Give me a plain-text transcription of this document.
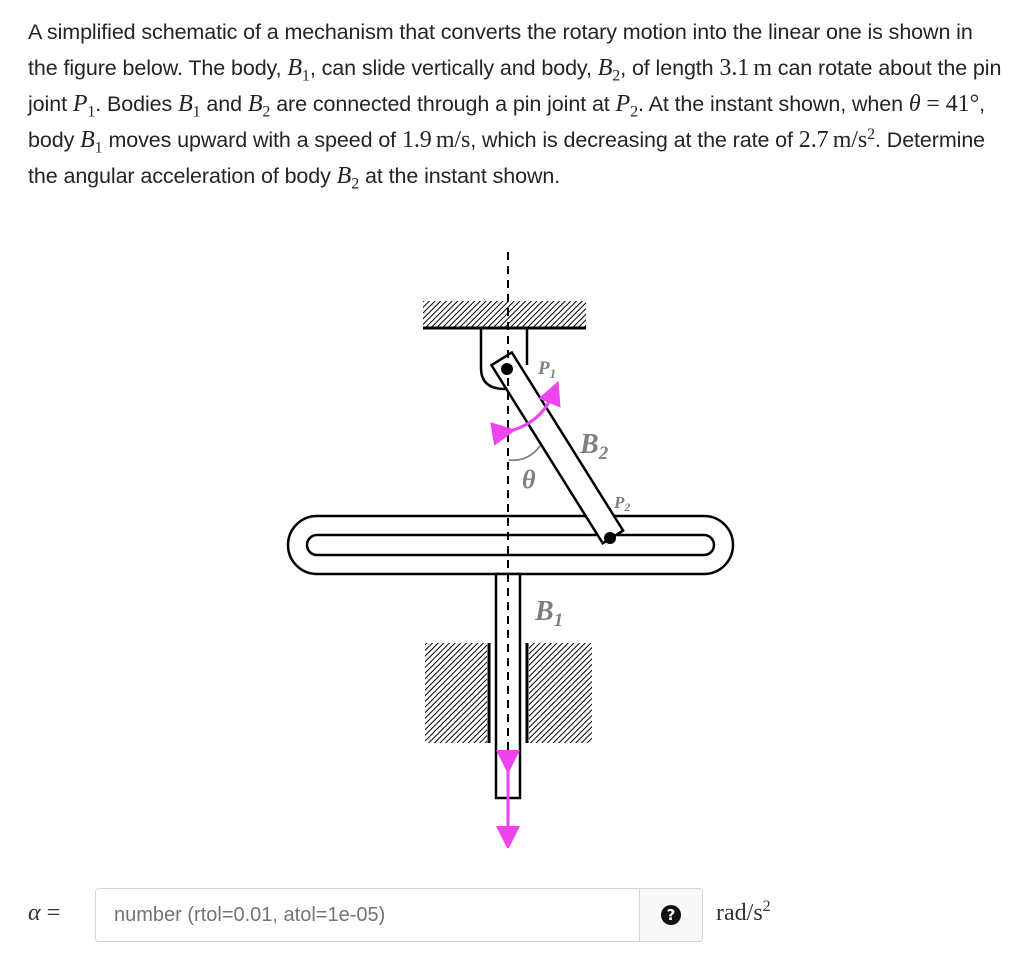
A simplified schematic of a mechanism that converts the rotary motion into the linear one is shown in the figure below. The body, $B_1$, can slide vertically and body, $B_2$, of length 3.1  m can rotate about the pin joint $P_1$. Bodies $B_1$ and $B_2$ are connected through a pin joint at $P_2$. At the instant shown, when θ = 41°, body $B_1$ moves upward with a speed of 1.9  m/s, which is decreasing at the rate of 2.7  $m/s^2$. Determine the angular acceleration of body $B_2$ at the instant shown.
$P_1$
$B_2$
θ
P2
$B_1$
α =
number (rtol=0.01, atol=1e-05)	? rad/$s^2$
